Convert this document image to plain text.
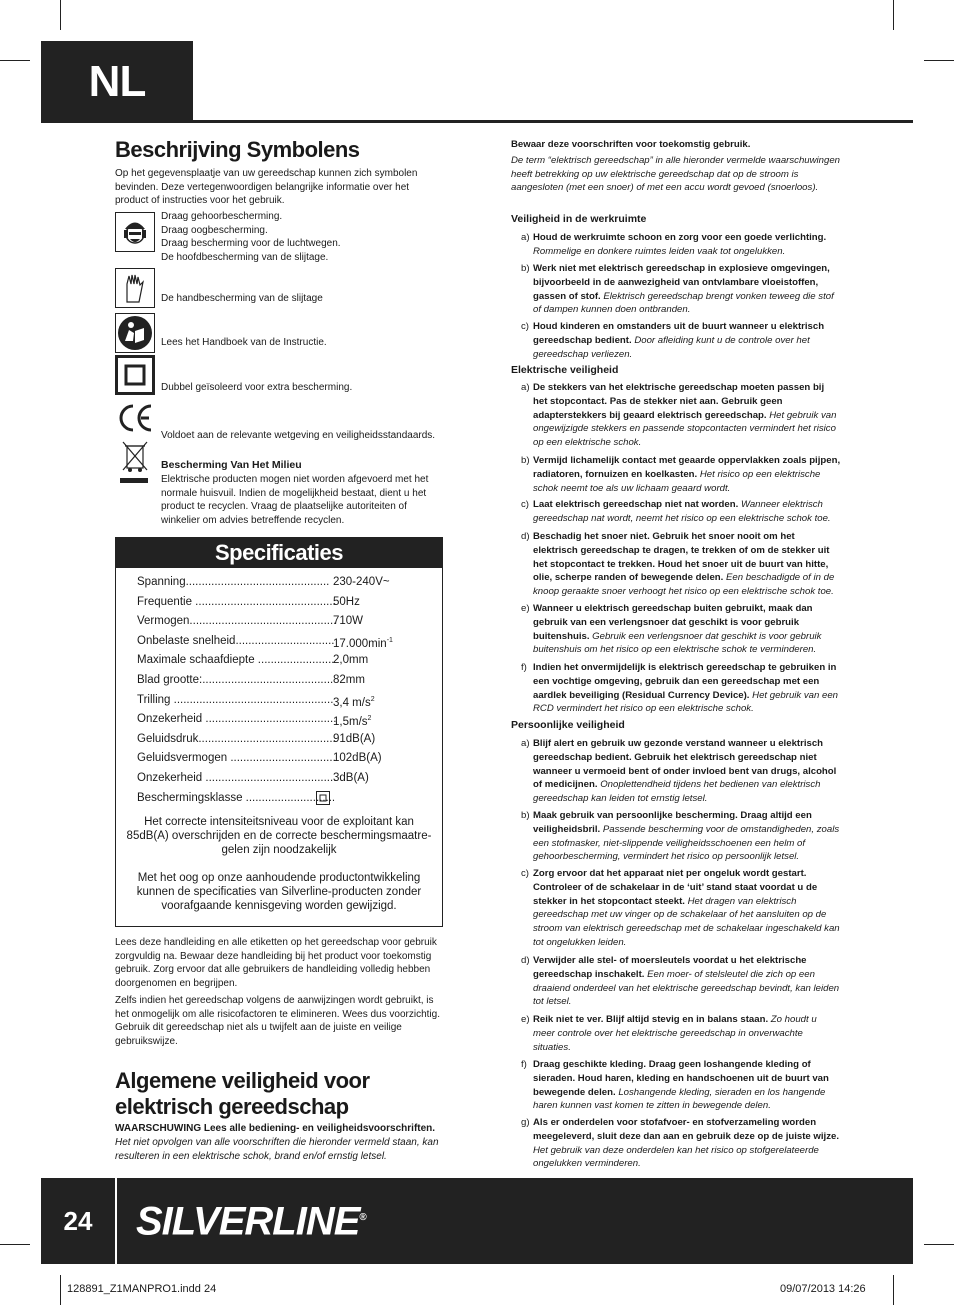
NL
Beschrijving Symbolens
Op het gegevensplaatje van uw gereedschap kunnen zich symbolen bevinden. Deze vertegenwoordigen belangrijke informatie over het product of instructies voor het gebruik.
Draag gehoorbescherming.
Draag oogbescherming.
Draag bescherming voor de luchtwegen.
De hoofdbescherming van de slijtage.
De handbescherming van de slijtage
Lees het Handboek van de Instructie.
Dubbel geïsoleerd voor extra bescherming.
Voldoet aan de relevante wetgeving en veiligheidsstandaards.
Bescherming Van Het Milieu
Elektrische producten mogen niet worden afgevoerd met het normale huisvuil. Indien de mogelijkheid bestaat, dient u het product te recyclen. Vraag de plaatselijke autoriteiten of winkelier om advies betreffende recyclen.
Specificaties
Spanning............................................. 230-240V~
Frequentie ............................................
50Hz
Vermogen..............................................
710W
Onbelaste snelheid...............................
$17.000\min^{-1}$
Maximale schaafdiepte ........................
2,0mm
Blad grootte:......................................... 82mm
Trilling .................................................. 3,4 $m/s^2$
Onzekerheid .........................................
$1,5m/s^2$
Geluidsdruk...........................................
91dB(A)
Geluidsvermogen .................................
102dB(A)
Onzekerheid .........................................
3dB(A)
Beschermingsklasse ............................
Het correcte intensiteitsniveau voor de exploitant kan 85dB(A) overschrijden en de correcte beschermingsmaatre-gelen zijn noodzakelijk
Met het oog op onze aanhoudende productontwikkeling kunnen de specificaties van Silverline-producten zonder voorafgaande kennisgeving worden gewijzigd.
Lees deze handleiding en alle etiketten op het gereedschap voor gebruik zorgvuldig na. Bewaar deze handleiding bij het product voor toekomstig gebruik. Zorg ervoor dat alle gebruikers de handleiding volledig hebben doorgenomen en begrijpen.
Zelfs indien het gereedschap volgens de aanwijzingen wordt gebruikt, is het onmogelijk om alle risicofactoren te elimineren. Wees dus voorzichtig. Gebruik dit gereedschap niet als u twijfelt aan de juiste en veilige gebruikswijze.
Algemene veiligheid voor
elektrisch gereedschap
WAARSCHUWING Lees alle bediening- en veiligheidsvoorschriften.
Het niet opvolgen van alle voorschriften die hieronder vermeld staan, kan resulteren in een elektrische schok, brand en/of ernstig letsel.
Bewaar deze voorschriften voor toekomstig gebruik.
De term “elektrisch gereedschap” in alle hieronder vermelde waarschuwingen heeft betrekking op uw elektrische gereedschap dat op de stroom is aangesloten (met een snoer) of met een accu wordt gevoed (snoerloos).
Veiligheid in de werkruimte
a) Houd de werkruimte schoon en zorg voor een goede verlichting. Rommelige en donkere ruimtes leiden vaak tot ongelukken.
b) Werk niet met elektrisch gereedschap in explosieve omgevingen, bijvoorbeeld in de aanwezigheid van ontvlambare vloeistoffen, gassen of stof. Elektrisch gereedschap brengt vonken teweeg die stof of dampen kunnen doen ontbranden.
c) Houd kinderen en omstanders uit de buurt wanneer u elektrisch gereedschap bedient. Door afleiding kunt u de controle over het gereedschap verliezen.
Elektrische veiligheid
a) De stekkers van het elektrische gereedschap moeten passen bij het stopcontact. Pas de stekker niet aan. Gebruik geen adapterstekkers bij geaard elektrisch gereedschap. Het gebruik van ongewijzigde stekkers en passende stopcontacten vermindert het risico op een elektrische schok.
b) Vermijd lichamelijk contact met geaarde oppervlakken zoals pijpen, radiatoren, fornuizen en koelkasten. Het risico op een elektrische schok neemt toe als uw lichaam geaard wordt.
c) Laat elektrisch gereedschap niet nat worden. Wanneer elektrisch gereedschap nat wordt, neemt het risico op een elektrische schok toe.
d) Beschadig het snoer niet. Gebruik het snoer nooit om het elektrisch gereedschap te dragen, te trekken of om de stekker uit het stopcontact te trekken. Houd het snoer uit de buurt van hitte, olie, scherpe randen of bewegende delen. Een beschadigde of in de knoop geraakte snoer verhoogt het risico op een elektrische schok toe.
e) Wanneer u elektrisch gereedschap buiten gebruikt, maak dan gebruik van een verlengsnoer dat geschikt is voor gebruik buitenshuis. Gebruik een verlengsnoer dat geschikt is voor gebruik buitenshuis om het risico op een elektrische schok te verminderen.
f) Indien het onvermijdelijk is elektrisch gereedschap te gebruiken in een vochtige omgeving, gebruik dan een gereedschap met een aardlek beveiliging (Residual Currency Device). Het gebruik van een RCD vermindert het risico op een elektrische schok.
Persoonlijke veiligheid
a) Blijf alert en gebruik uw gezonde verstand wanneer u elektrisch gereedschap bedient. Gebruik het elektrisch gereedschap niet wanneer u vermoeid bent of onder invloed bent van drugs, alcohol of medicijnen. Onoplettendheid tijdens het bedienen van elektrisch gereedschap kan leiden tot ernstig letsel.
b) Maak gebruik van persoonlijke bescherming. Draag altijd een veiligheidsbril. Passende bescherming voor de omstandigheden, zoals een stofmasker, niet-slippende veiligheidsschoenen een helm of gehoorbescherming, vermindert het risico op persoonlijk letsel.
c) Zorg ervoor dat het apparaat niet per ongeluk wordt gestart. Controleer of de schakelaar in de ‘uit’ stand staat voordat u de stekker in het stopcontact steekt. Het dragen van elektrisch gereedschap met uw vinger op de schakelaar of het aansluiten op de stroom van elektrisch gereedschap met de schakelaar ingeschakeld kan tot ongelukken leiden.
d) Verwijder alle stel- of moersleutels voordat u het elektrische gereedschap inschakelt. Een moer- of stelsleutel die zich op een draaiend onderdeel van het elektrische gereedschap bevindt, kan leiden tot letsel.
e) Reik niet te ver. Blijf altijd stevig en in balans staan. Zo houdt u meer controle over het elektrische gereedschap in onverwachte situaties.
f) Draag geschikte kleding. Draag geen loshangende kleding of sieraden. Houd haren, kleding en handschoenen uit de buurt van bewegende delen. Loshangende kleding, sieraden en los hangende haren kunnen vast komen te zitten in bewegende delen.
g) Als er onderdelen voor stofafvoer- en stofverzameling worden meegeleverd, sluit deze dan aan en gebruik deze op de juiste wijze. Het gebruik van deze onderdelen kan het risico op stofgerelateerde ongelukken verminderen.
24	SILVERLINE®
128891_Z1MANPRO1.indd 24	09/07/2013 14:26
